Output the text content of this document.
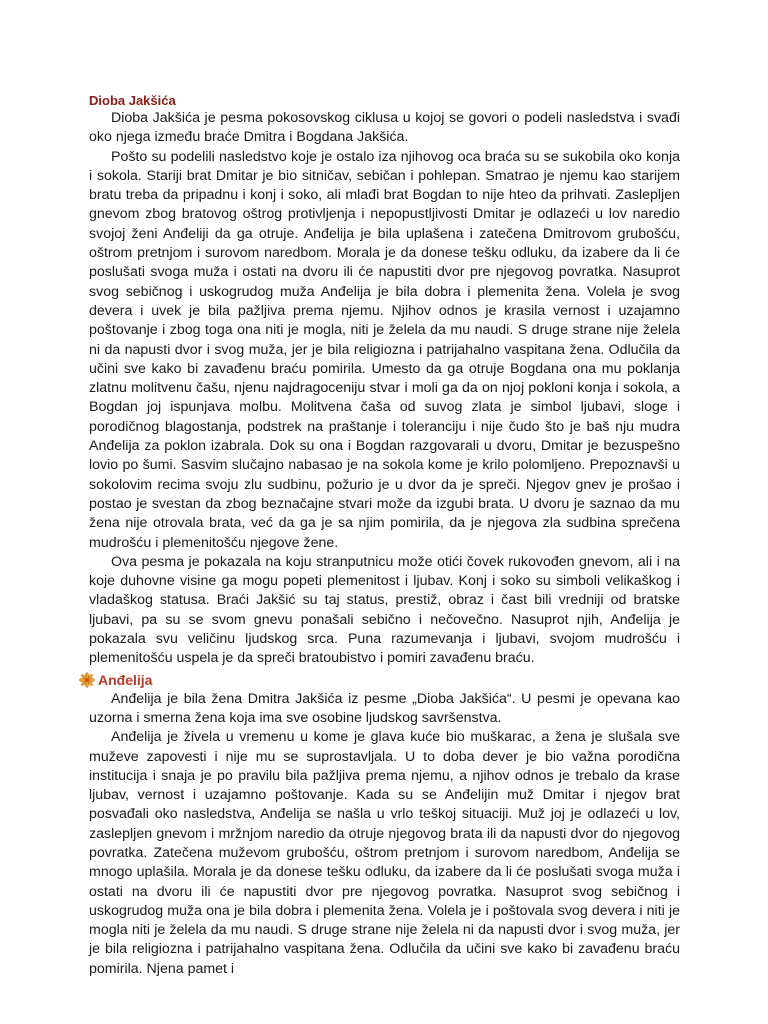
Dioba Jakšića

Dioba Jakšića je pesma pokosovskog ciklusa u kojoj se govori o podeli nasledstva i svađi oko njega između braće Dmitra i Bogdana Jakšića.

Pošto su podelili nasledstvo koje je ostalo iza njihovog oca braća su se sukobila oko konja i sokola. Stariji brat Dmitar je bio sitničav, sebičan i pohlepan. Smatrao je njemu kao starijem bratu treba da pripadnu i konj i soko, ali mlađi brat Bogdan to nije hteo da prihvati. Zaslepljen gnevom zbog bratovog oštrog protivljenja i nepopustljivosti Dmitar je odlazeći u lov naredio svojoj ženi Anđeliji da ga otruje. Anđelija je bila uplašena i zatečena Dmitrovom grubošću, oštrom pretnjom i surovom naredbom. Morala je da donese tešku odluku, da izabere da li će poslušati svoga muža i ostati na dvoru ili će napustiti dvor pre njegovog povratka. Nasuprot svog sebičnog i uskogrudog muža Anđelija je bila dobra i plemenita žena. Volela je svog devera i uvek je bila pažljiva prema njemu. Njihov odnos je krasila vernost i uzajamno poštovanje i zbog toga ona niti je mogla, niti je želela da mu naudi. S druge strane nije želela ni da napusti dvor i svog muža, jer je bila religiozna i patrijahalno vaspitana žena. Odlučila da učini sve kako bi zavađenu braću pomirila. Umesto da ga otruje Bogdana ona mu poklanja zlatnu molitvenu čašu, njenu najdragoceniju stvar i moli ga da on njoj pokloni konja i sokola, a Bogdan joj ispunjava molbu. Molitvena čaša od suvog zlata je simbol ljubavi, sloge i porodičnog blagostanja, podstrek na praštanje i toleranciju i nije čudo što je baš nju mudra Anđelija za poklon izabrala. Dok su ona i Bogdan razgovarali u dvoru, Dmitar je bezuspešno lovio po šumi. Sasvim slučajno nabasao je na sokola kome je krilo polomljeno. Prepoznavši u sokolovim recima svoju zlu sudbinu, požurio je u dvor da je spreči. Njegov gnev je prošao i postao je svestan da zbog beznačajne stvari može da izgubi brata. U dvoru je saznao da mu žena nije otrovala brata, već da ga je sa njim pomirila, da je njegova zla sudbina sprečena mudrošću i plemenitošću njegove žene.

Ova pesma je pokazala na koju stranputnicu može otići čovek rukovođen gnevom, ali i na koje duhovne visine ga mogu popeti plemenitost i ljubav. Konj i soko su simboli velikaškog i vladaškog statusa. Braći Jakšić su taj status, prestiž, obraz i čast bili vredniji od bratske ljubavi, pa su se svom gnevu ponašali sebično i nečovečno. Nasuprot njih, Anđelija je pokazala svu veličinu ljudskog srca. Puna razumevanja i ljubavi, svojom mudrošću i plemenitošću uspela je da spreči bratoubistvo i pomiri zavađenu braću.

Anđelija

Anđelija je bila žena Dmitra Jakšića iz pesme „Dioba Jakšića“. U pesmi je opevana kao uzorna i smerna žena koja ima sve osobine ljudskog savršenstva.

Anđelija je živela u vremenu u kome je glava kuće bio muškarac, a žena je slušala sve muževe zapovesti i nije mu se suprostavljala. U to doba dever je bio važna porodična institucija i snaja je po pravilu bila pažljiva prema njemu, a njihov odnos je trebalo da krase ljubav, vernost i uzajamno poštovanje. Kada su se Anđelijin muž Dmitar i njegov brat posvađali oko nasledstva, Anđelija se našla u vrlo teškoj situaciji. Muž joj je odlazeći u lov, zaslepljen gnevom i mržnjom naredio da otruje njegovog brata ili da napusti dvor do njegovog povratka. Zatečena muževom grubošću, oštrom pretnjom i surovom naredbom, Anđelija se mnogo uplašila. Morala je da donese tešku odluku, da izabere da li će poslušati svoga muža i ostati na dvoru ili će napustiti dvor pre njegovog povratka. Nasuprot svog sebičnog i uskogrudog muža ona je bila dobra i plemenita žena. Volela je i poštovala svog devera i niti je mogla niti je želela da mu naudi. S druge strane nije želela ni da napusti dvor i svog muža, jer je bila religiozna i patrijahalno vaspitana žena. Odlučila da učini sve kako bi zavađenu braću pomirila. Njena pamet i
